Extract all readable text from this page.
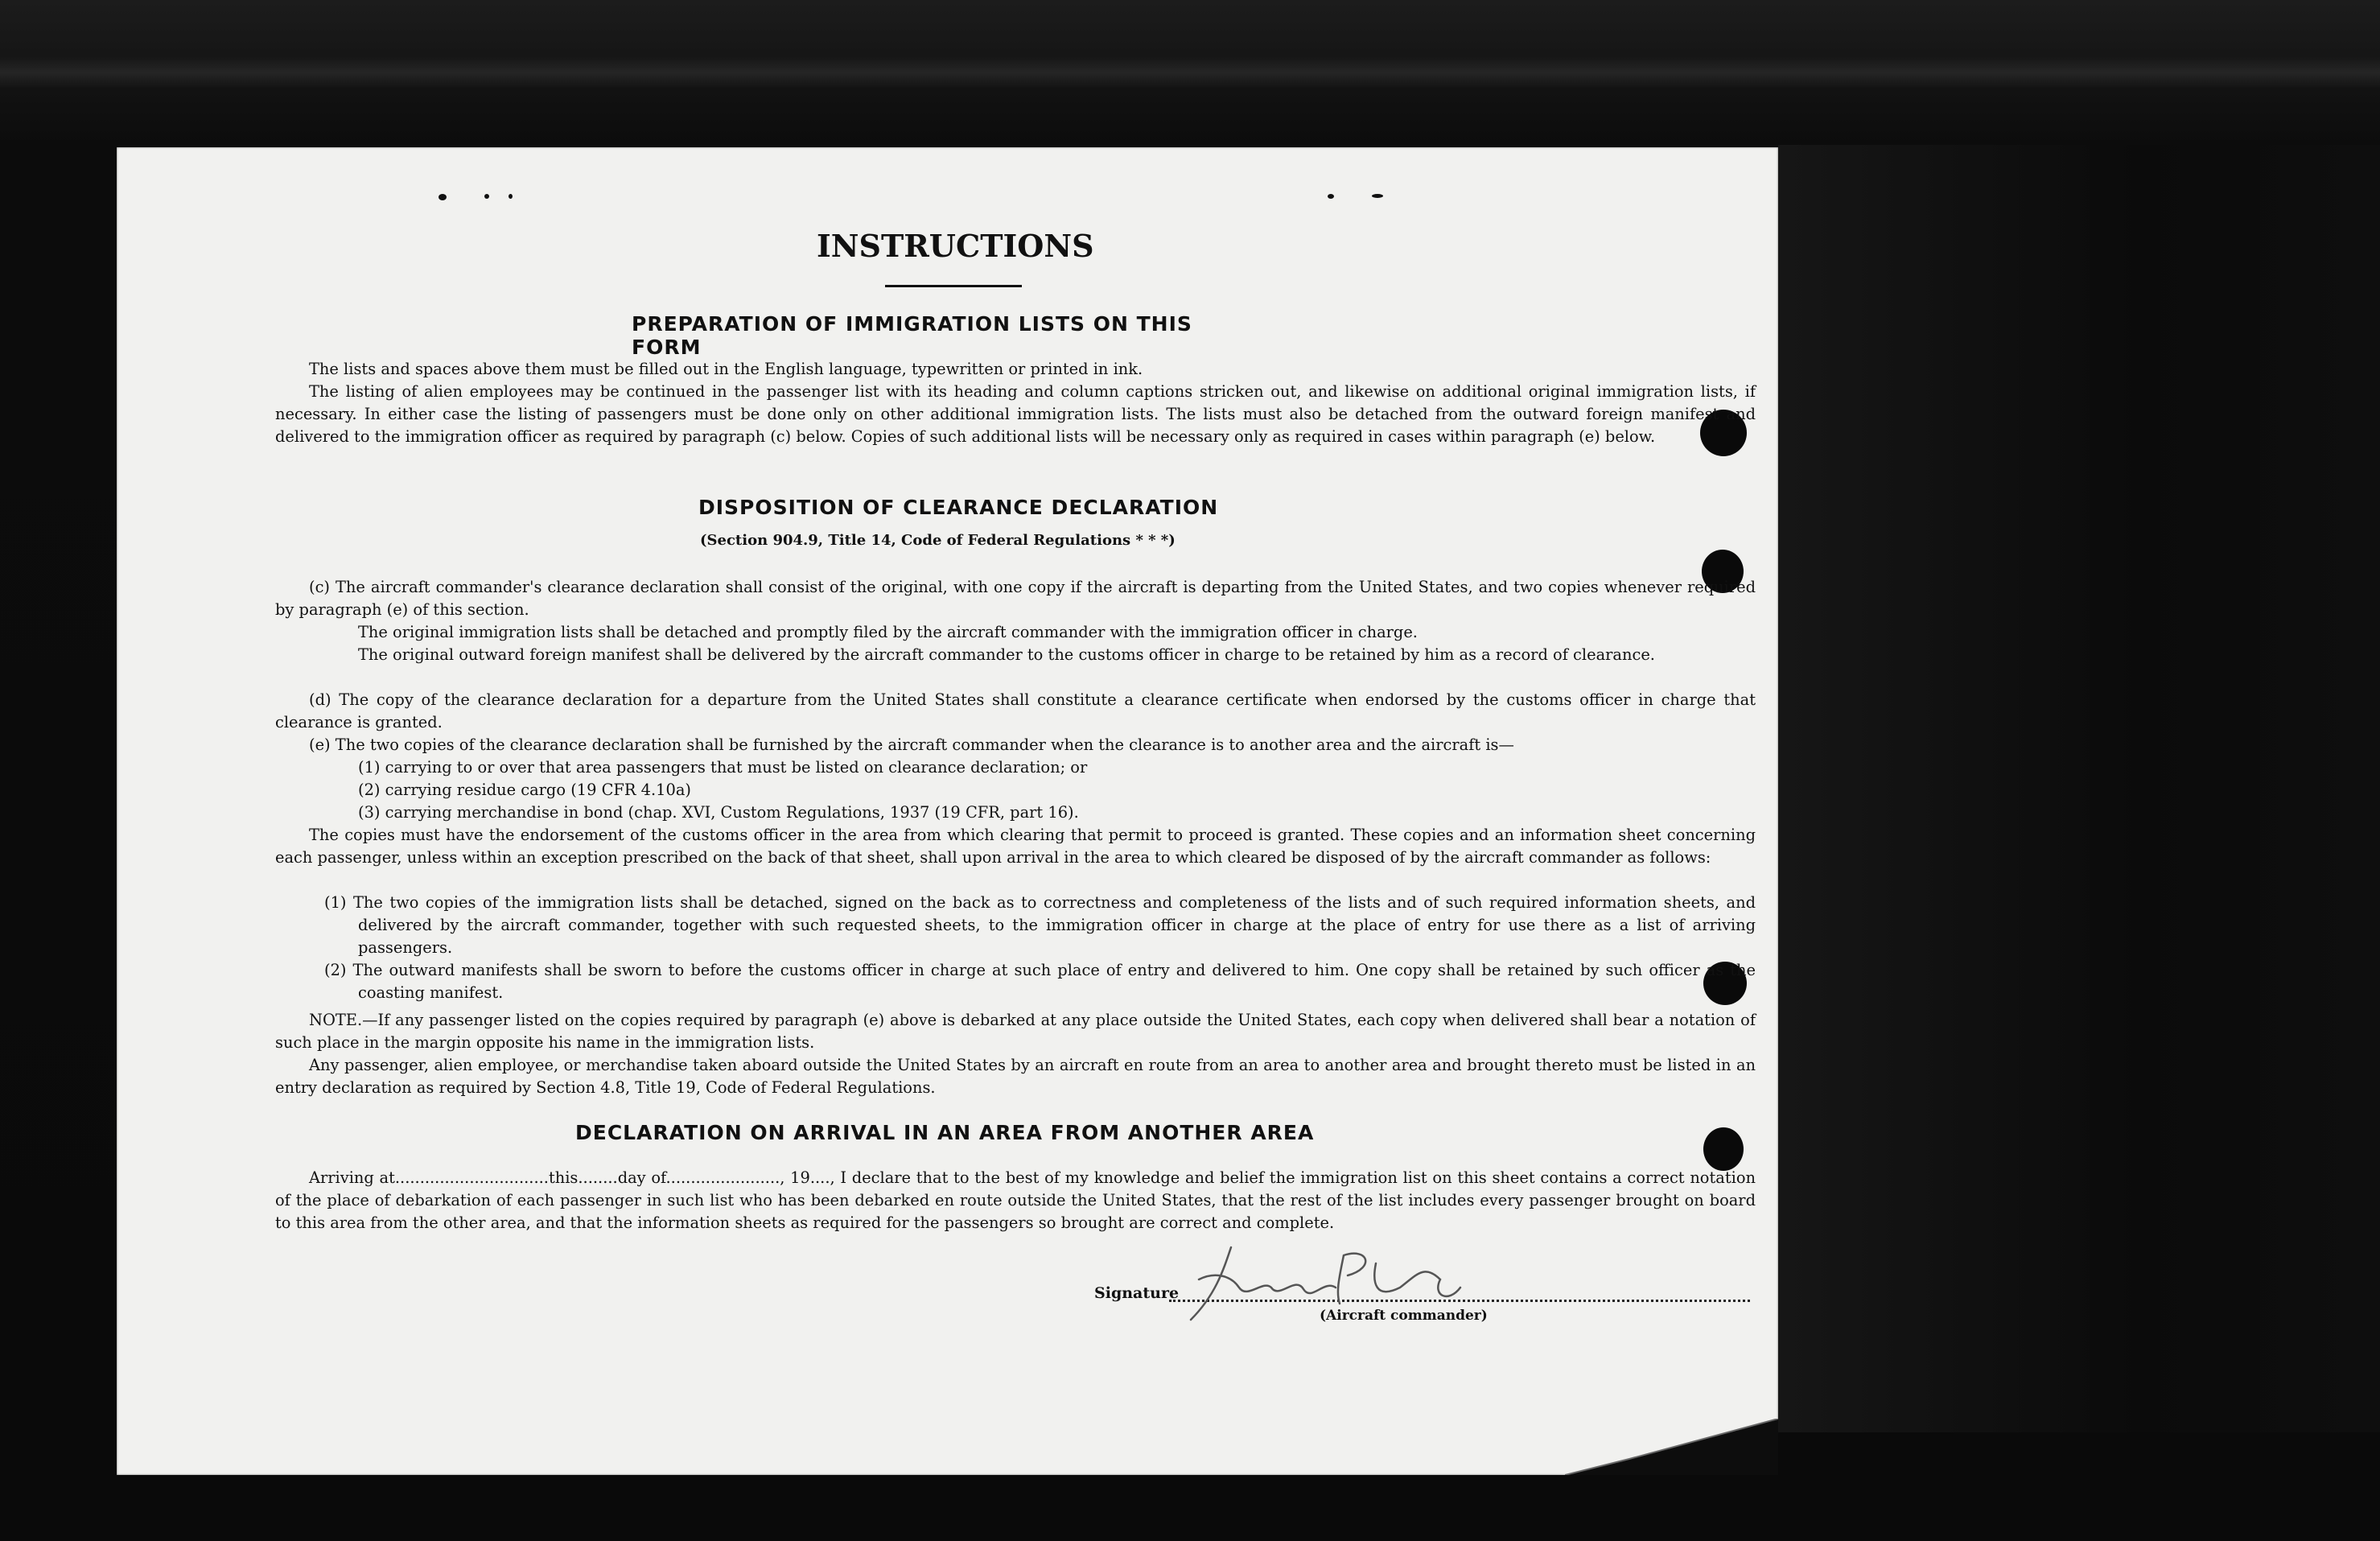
INSTRUCTIONS
PREPARATION OF IMMIGRATION LISTS ON THIS FORM
The lists and spaces above them must be filled out in the English language, typewritten or printed in ink.
The listing of alien employees may be continued in the passenger list with its heading and column captions stricken out, and likewise on additional original immigration lists, if necessary. In either case the listing of passengers must be done only on other additional immigration lists. The lists must also be detached from the outward foreign manifest and delivered to the immigration officer as required by paragraph (c) below. Copies of such additional lists will be necessary only as required in cases within paragraph (e) below.
DISPOSITION OF CLEARANCE DECLARATION
(Section 904.9, Title 14, Code of Federal Regulations * * *)
(c) The aircraft commander's clearance declaration shall consist of the original, with one copy if the aircraft is departing from the United States, and two copies whenever required by paragraph (e) of this section.
The original immigration lists shall be detached and promptly filed by the aircraft commander with the immigration officer in charge.
The original outward foreign manifest shall be delivered by the aircraft commander to the customs officer in charge to be retained by him as a record of clearance.
(d) The copy of the clearance declaration for a departure from the United States shall constitute a clearance certificate when endorsed by the customs officer in charge that clearance is granted.
(e) The two copies of the clearance declaration shall be furnished by the aircraft commander when the clearance is to another area and the aircraft is—
(1) carrying to or over that area passengers that must be listed on clearance declaration; or
(2) carrying residue cargo (19 CFR 4.10a)
(3) carrying merchandise in bond (chap. XVI, Custom Regulations, 1937 (19 CFR, part 16).
The copies must have the endorsement of the customs officer in the area from which clearing that permit to proceed is granted. These copies and an information sheet concerning each passenger, unless within an exception prescribed on the back of that sheet, shall upon arrival in the area to which cleared be disposed of by the aircraft commander as follows:
(1) The two copies of the immigration lists shall be detached, signed on the back as to correctness and completeness of the lists and of such required information sheets, and delivered by the aircraft commander, together with such requested sheets, to the immigration officer in charge at the place of entry for use there as a list of arriving passengers.
(2) The outward manifests shall be sworn to before the customs officer in charge at such place of entry and delivered to him. One copy shall be retained by such officer as the coasting manifest.
NOTE.—If any passenger listed on the copies required by paragraph (e) above is debarked at any place outside the United States, each copy when delivered shall bear a notation of such place in the margin opposite his name in the immigration lists.
Any passenger, alien employee, or merchandise taken aboard outside the United States by an aircraft en route from an area to another area and brought thereto must be listed in an entry declaration as required by Section 4.8, Title 19, Code of Federal Regulations.
DECLARATION ON ARRIVAL IN AN AREA FROM ANOTHER AREA
Arriving at...............................this........day of......................., 19...., I declare that to the best of my knowledge and belief the immigration list on this sheet contains a correct notation of the place of debarkation of each passenger in such list who has been debarked en route outside the United States, that the rest of the list includes every passenger brought on board to this area from the other area, and that the information sheets as required for the passengers so brought are correct and complete.
Signature
(Aircraft commander)
